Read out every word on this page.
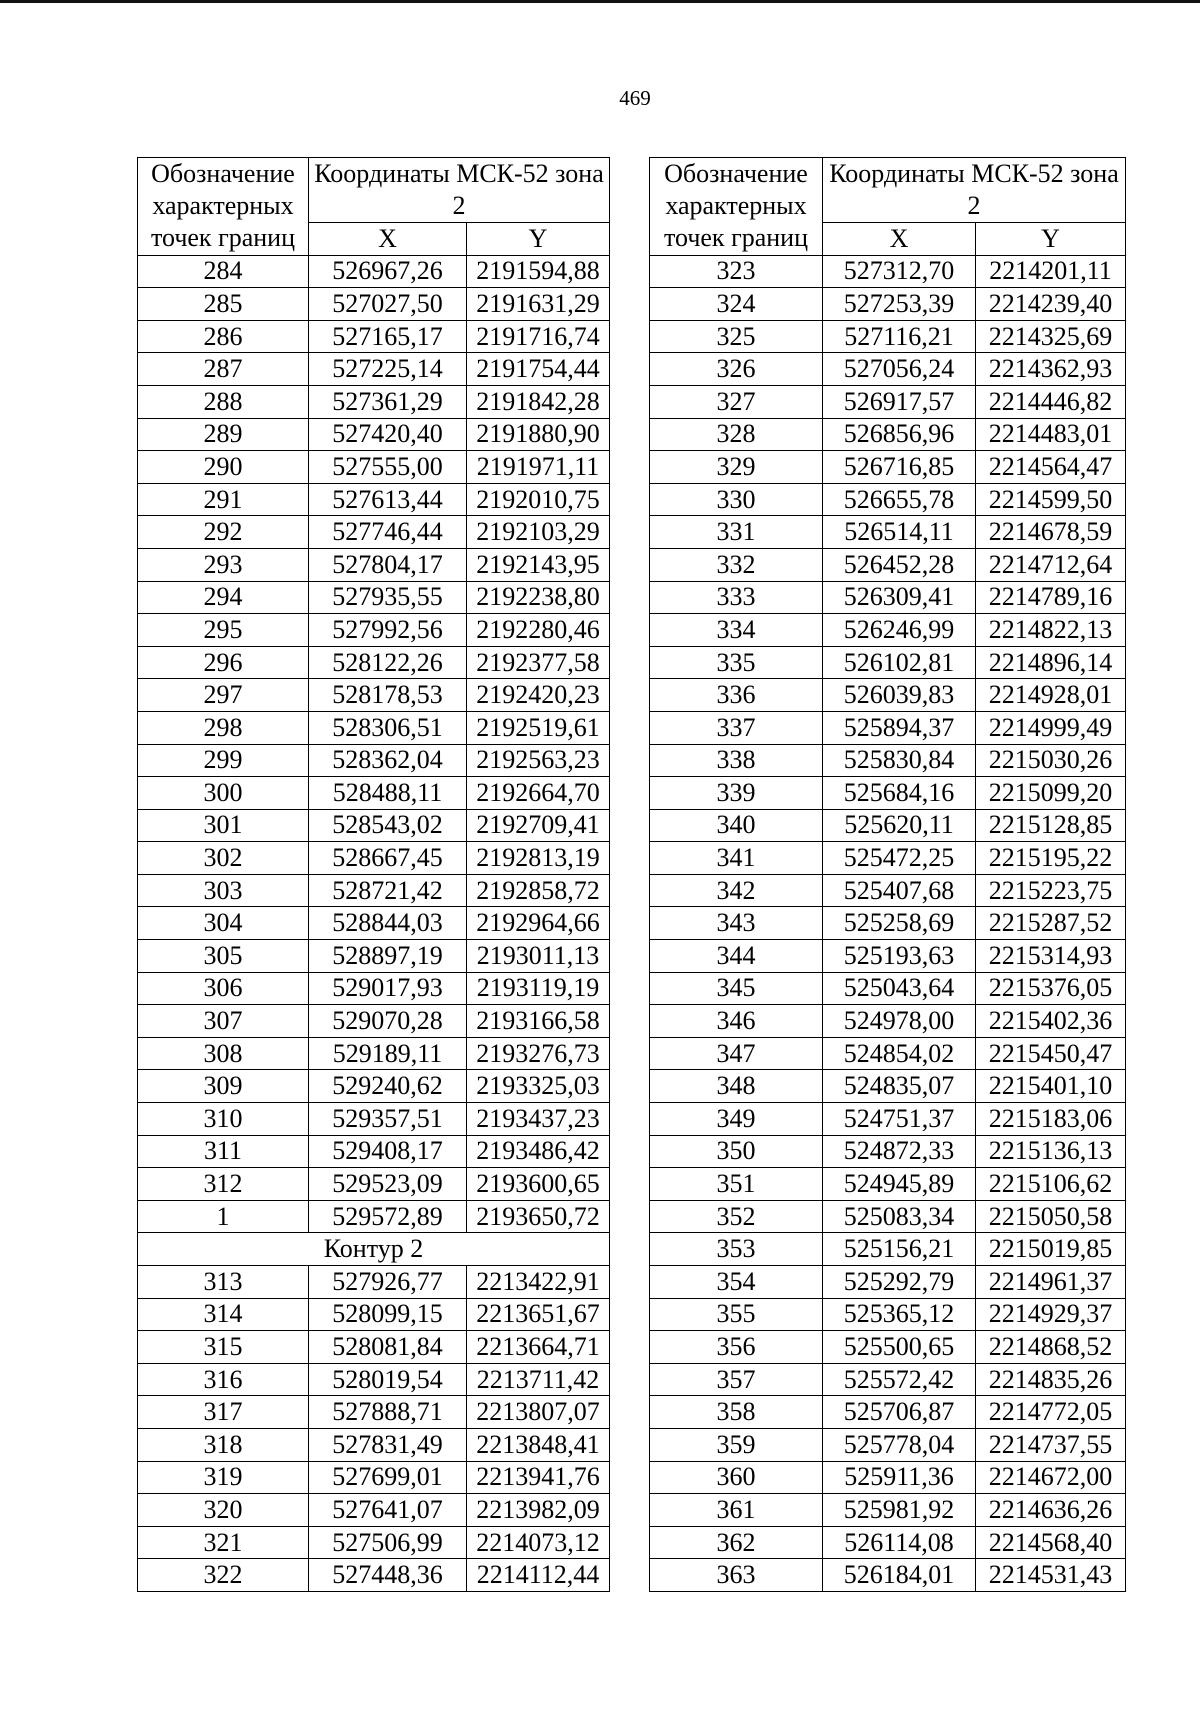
469
Обозначение характерных точек границ	Координаты МСК-52 зона 2	
	X	Y
284	526967,26	2191594,88
285	527027,50	2191631,29
286	527165,17	2191716,74
287	527225,14	2191754,44
288	527361,29	2191842,28
289	527420,40	2191880,90
290	527555,00	2191971,11
291	527613,44	2192010,75
292	527746,44	2192103,29
293	527804,17	2192143,95
294	527935,55	2192238,80
295	527992,56	2192280,46
296	528122,26	2192377,58
297	528178,53	2192420,23
298	528306,51	2192519,61
299	528362,04	2192563,23
300	528488,11	2192664,70
301	528543,02	2192709,41
302	528667,45	2192813,19
303	528721,42	2192858,72
304	528844,03	2192964,66
305	528897,19	2193011,13
306	529017,93	2193119,19
307	529070,28	2193166,58
308	529189,11	2193276,73
309	529240,62	2193325,03
310	529357,51	2193437,23
311	529408,17	2193486,42
312	529523,09	2193600,65
1	529572,89	2193650,72
Контур 2		
313	527926,77	2213422,91
314	528099,15	2213651,67
315	528081,84	2213664,71
316	528019,54	2213711,42
317	527888,71	2213807,07
318	527831,49	2213848,41
319	527699,01	2213941,76
320	527641,07	2213982,09
321	527506,99	2214073,12
322	527448,36	2214112,44
Обозначение характерных точек границ	Координаты МСК-52 зона 2	
	X	Y
323	527312,70	2214201,11
324	527253,39	2214239,40
325	527116,21	2214325,69
326	527056,24	2214362,93
327	526917,57	2214446,82
328	526856,96	2214483,01
329	526716,85	2214564,47
330	526655,78	2214599,50
331	526514,11	2214678,59
332	526452,28	2214712,64
333	526309,41	2214789,16
334	526246,99	2214822,13
335	526102,81	2214896,14
336	526039,83	2214928,01
337	525894,37	2214999,49
338	525830,84	2215030,26
339	525684,16	2215099,20
340	525620,11	2215128,85
341	525472,25	2215195,22
342	525407,68	2215223,75
343	525258,69	2215287,52
344	525193,63	2215314,93
345	525043,64	2215376,05
346	524978,00	2215402,36
347	524854,02	2215450,47
348	524835,07	2215401,10
349	524751,37	2215183,06
350	524872,33	2215136,13
351	524945,89	2215106,62
352	525083,34	2215050,58
353	525156,21	2215019,85
354	525292,79	2214961,37
355	525365,12	2214929,37
356	525500,65	2214868,52
357	525572,42	2214835,26
358	525706,87	2214772,05
359	525778,04	2214737,55
360	525911,36	2214672,00
361	525981,92	2214636,26
362	526114,08	2214568,40
363	526184,01	2214531,43
